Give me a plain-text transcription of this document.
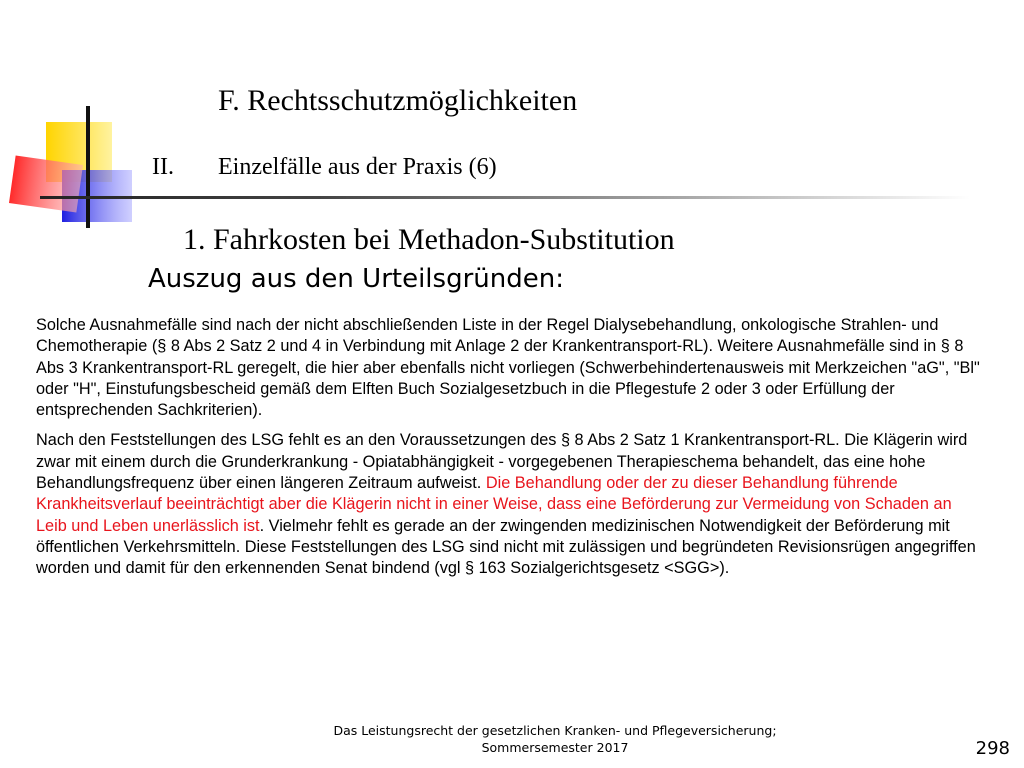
F. Rechtsschutzmöglichkeiten
II. Einzelfälle aus der Praxis (6)
1. Fahrkosten bei Methadon-Substitution
Auszug aus den Urteilsgründen:

Solche Ausnahmefälle sind nach der nicht abschließenden Liste in der Regel Dialysebehandlung, onkologische Strahlen- und Chemotherapie (§ 8 Abs 2 Satz 2 und 4 in Verbindung mit Anlage 2 der Krankentransport-RL). Weitere Ausnahmefälle sind in § 8 Abs 3 Krankentransport-RL geregelt, die hier aber ebenfalls nicht vorliegen (Schwerbehindertenausweis mit Merkzeichen "aG", "Bl" oder "H", Einstufungsbescheid gemäß dem Elften Buch Sozialgesetzbuch in die Pflegestufe 2 oder 3 oder Erfüllung der entsprechenden Sachkriterien).

Nach den Feststellungen des LSG fehlt es an den Voraussetzungen des § 8 Abs 2 Satz 1 Krankentransport-RL. Die Klägerin wird zwar mit einem durch die Grunderkrankung - Opiatabhängigkeit - vorgegebenen Therapieschema behandelt, das eine hohe Behandlungsfrequenz über einen längeren Zeitraum aufweist. Die Behandlung oder der zu dieser Behandlung führende Krankheitsverlauf beeinträchtigt aber die Klägerin nicht in einer Weise, dass eine Beförderung zur Vermeidung von Schaden an Leib und Leben unerlässlich ist. Vielmehr fehlt es gerade an der zwingenden medizinischen Notwendigkeit der Beförderung mit öffentlichen Verkehrsmitteln. Diese Feststellungen des LSG sind nicht mit zulässigen und begründeten Revisionsrügen angegriffen worden und damit für den erkennenden Senat bindend (vgl § 163 Sozialgerichtsgesetz <SGG>).

Das Leistungsrecht der gesetzlichen Kranken- und Pflegeversicherung;
Sommersemester 2017	298
